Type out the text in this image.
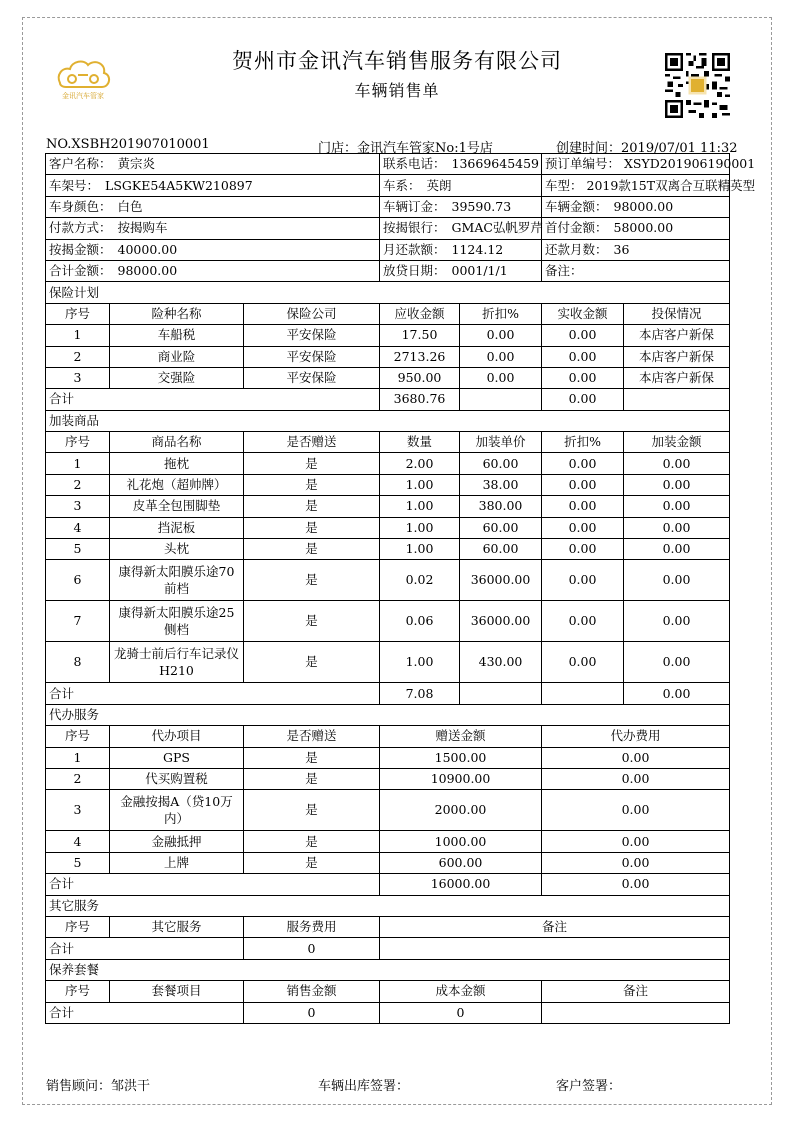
金讯汽车管家
贺州市金讯汽车销售服务有限公司
车辆销售单
NO.XSBH201907010001	门店：金讯汽车管家No:1号店	创建时间：2019/07/01 11:32
客户名称： 黄宗炎			联系电话： 13669645459		预订单编号： XSYD201906190001	
车架号： LSGKE54A5KW210897			车系： 英朗		车型： 2019款15T双离合互联精英型	
车身颜色： 白色			车辆订金： 39590.73		车辆金额： 98000.00	
付款方式： 按揭购车			按揭银行： GMAC弘帆罗芹		首付金额： 58000.00	
按揭金额： 40000.00			月还款额： 1124.12		还款月数： 36	
合计金额： 98000.00			放贷日期： 0001/1/1		备注：	
保险计划						
序号	险种名称	保险公司	应收金额	折扣%	实收金额	投保情况
1	车船税	平安保险	17.50	0.00	0.00	本店客户新保
2	商业险	平安保险	2713.26	0.00	0.00	本店客户新保
3	交强险	平安保险	950.00	0.00	0.00	本店客户新保
合计			3680.76		0.00	
加装商品						
序号	商品名称	是否赠送	数量	加装单价	折扣%	加装金额
1	拖枕	是	2.00	60.00	0.00	0.00
2	礼花炮（超帅牌）	是	1.00	38.00	0.00	0.00
3	皮革全包围脚垫	是	1.00	380.00	0.00	0.00
4	挡泥板	是	1.00	60.00	0.00	0.00
5	头枕	是	1.00	60.00	0.00	0.00
6	康得新太阳膜乐途70前档	是	0.02	36000.00	0.00	0.00
7	康得新太阳膜乐途25侧档	是	0.06	36000.00	0.00	0.00
8	龙骑士前后行车记录仪H210	是	1.00	430.00	0.00	0.00
合计			7.08			0.00
代办服务						
序号	代办项目	是否赠送	赠送金额		代办费用	
1	GPS	是	1500.00		0.00	
2	代买购置税	是	10900.00		0.00	
3	金融按揭A（贷10万内）	是	2000.00		0.00	
4	金融抵押	是	1000.00		0.00	
5	上牌	是	600.00		0.00	
合计			16000.00		0.00	
其它服务						
序号	其它服务	服务费用	备注			
合计		0				
保养套餐						
序号	套餐项目	销售金额	成本金额		备注	
合计		0	0			
销售顾问：邹洪干	车辆出库签署：	客户签署：
